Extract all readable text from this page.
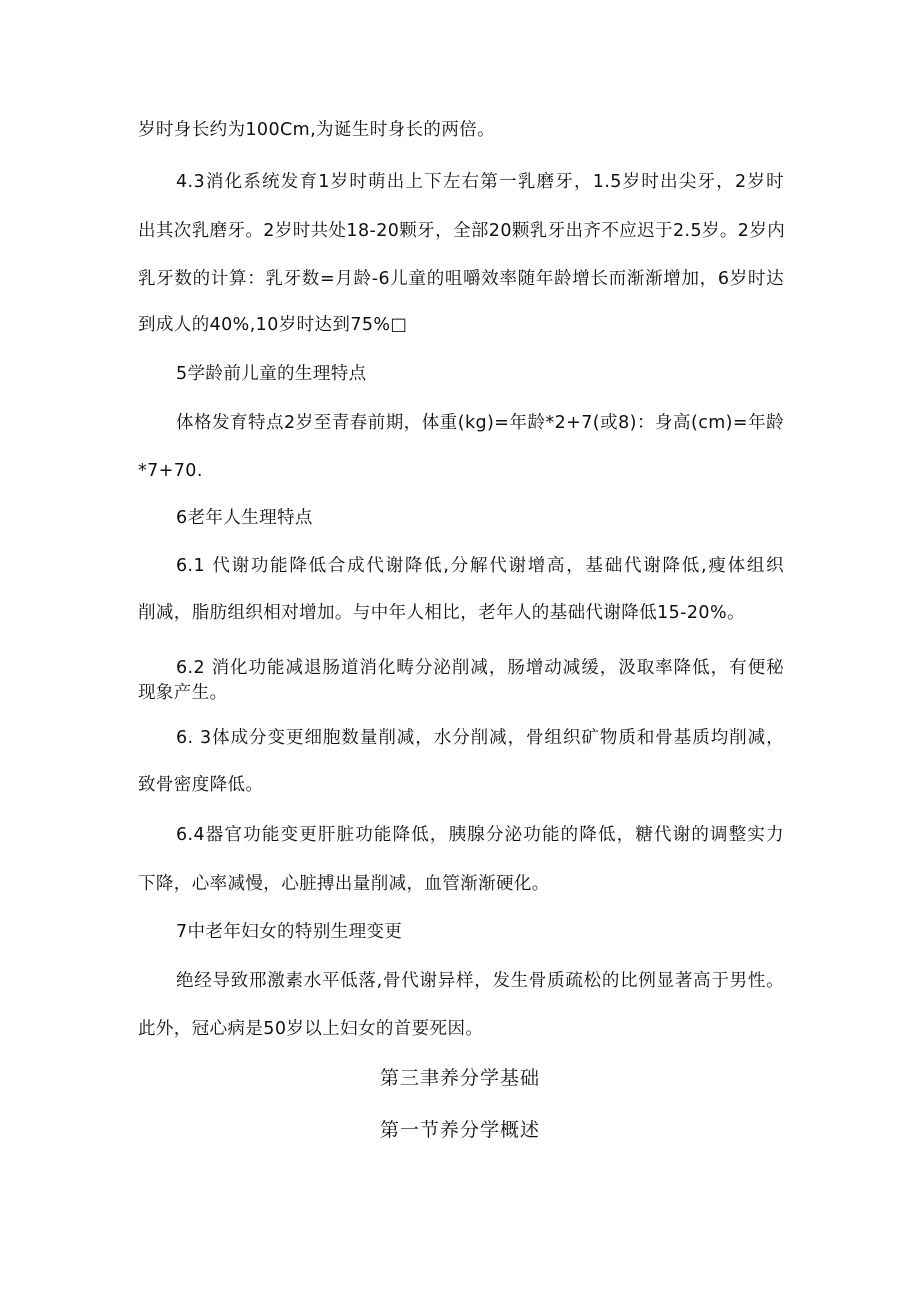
岁时身长约为100Cm,为诞生时身长的两倍。
4.3消化系统发育1岁时萌出上下左右第一乳磨牙，1.5岁时出尖牙，2岁时
出其次乳磨牙。2岁时共处18-20颗牙，全部20颗乳牙出齐不应迟于2.5岁。2岁内
乳牙数的计算：乳牙数=月龄-6儿童的咀嚼效率随年龄增长而渐渐增加，6岁时达
到成人的40%,10岁时达到75%□
5学龄前儿童的生理特点
体格发育特点2岁至青春前期，体重(kg)=年龄*2+7(或8)：身高(cm)=年龄
*7+70.
6老年人生理特点
6.1 代谢功能降低合成代谢降低,分解代谢增高，基础代谢降低,瘦体组织
削减，脂肪组织相对增加。与中年人相比，老年人的基础代谢降低15-20%。
6.2 消化功能减退肠道消化畴分泌削减，肠增动减缓，汲取率降低，有便秘
现象产生。
6. 3体成分变更细胞数量削减，水分削减，骨组织矿物质和骨基质均削减，
致骨密度降低。
6.4器官功能变更肝脏功能降低，胰腺分泌功能的降低，糖代谢的调整实力
下降，心率减慢，心脏搏出量削减，血管渐渐硬化。
7中老年妇女的特别生理变更
绝经导致邢激素水平低落,骨代谢异样，发生骨质疏松的比例显著高于男性。
此外，冠心病是50岁以上妇女的首要死因。
第三聿养分学基础
第一节养分学概述
